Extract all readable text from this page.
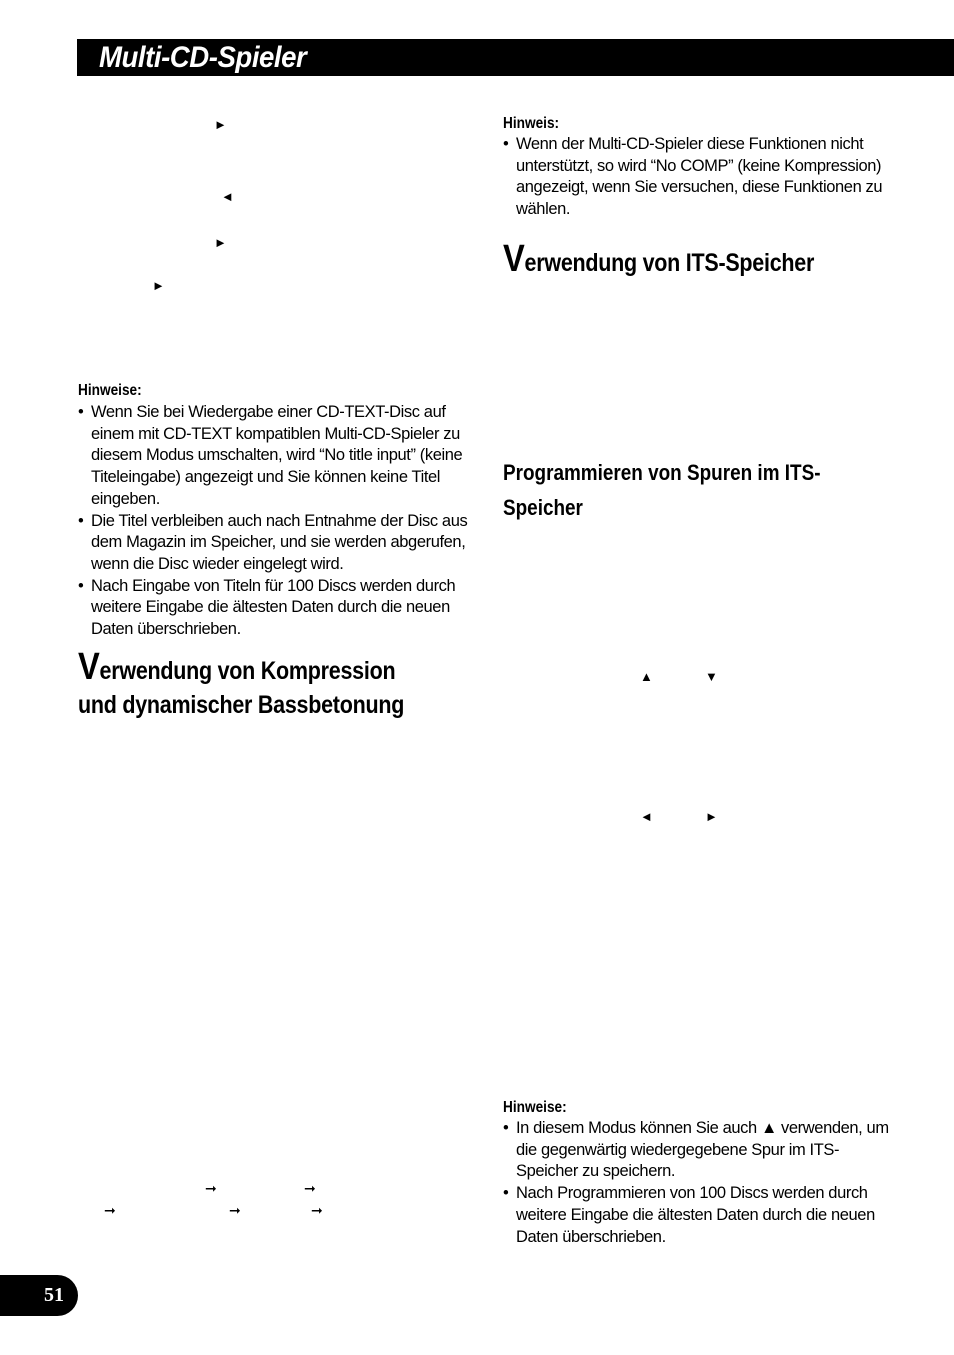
Multi-CD-Spieler
►
◄
►
►
Hinweise:
• Wenn Sie bei Wiedergabe einer CD-TEXT-Disc auf einem mit CD-TEXT kompatiblen Multi-CD-Spieler zu diesem Modus umschalten, wird “No title input” (keine Titeleingabe) angezeigt und Sie können keine Titel eingeben.
• Die Titel verbleiben auch nach Entnahme der Disc aus dem Magazin im Speicher, und sie werden abgerufen, wenn die Disc wieder eingelegt wird.
• Nach Eingabe von Titeln für 100 Discs werden durch weitere Eingabe die ältesten Daten durch die neuen Daten überschrieben.
Verwendung von Kompression
und dynamischer Bassbetonung
➞	➞
➞	➞	➞
Hinweis:
• Wenn der Multi-CD-Spieler diese Funktionen nicht unterstützt, so wird “No COMP” (keine Kompression) angezeigt, wenn Sie versuchen, diese Funktionen zu wählen.
Verwendung von ITS-Speicher
Programmieren von Spuren im ITS-
Speicher
▲	▼
◄	►
Hinweise:
• In diesem Modus können Sie auch ▲ verwenden, um die gegenwärtig wiedergegebene Spur im ITS-Speicher zu speichern.
• Nach Programmieren von 100 Discs werden durch weitere Eingabe die ältesten Daten durch die neuen Daten überschrieben.
51
